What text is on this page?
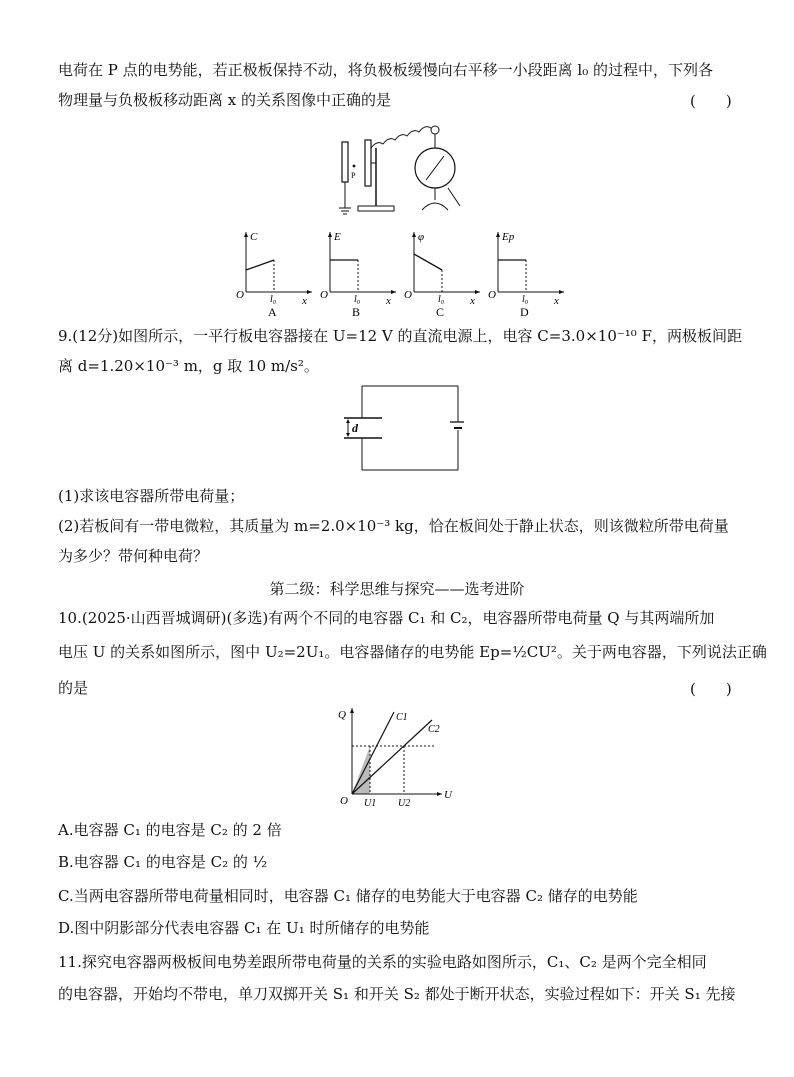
电荷在 P 点的电势能，若正极板保持不动，将负极板缓慢向右平移一小段距离 l₀ 的过程中，下列各
物理量与负极板移动距离 x 的关系图像中正确的是	(　　)
P
C
O	l₀ x
A
E
O	l₀ x
B
φ
O	l₀ x
C
Ep
O	l₀ x
D
9.(12分)如图所示，一平行板电容器接在 U=12 V 的直流电源上，电容 C=3.0×10⁻¹⁰ F，两极板间距
离 d=1.20×10⁻³ m，g 取 10 m/s²。
d
(1)求该电容器所带电荷量；
(2)若板间有一带电微粒，其质量为 m=2.0×10⁻³ kg，恰在板间处于静止状态，则该微粒所带电荷量
为多少？带何种电荷？
第二级：科学思维与探究——选考进阶
10.(2025·山西晋城调研)(多选)有两个不同的电容器 C₁ 和 C₂，电容器所带电荷量 Q 与其两端所加
电压 U 的关系如图所示，图中 U₂=2U₁。电容器储存的电势能 Ep=½CU²。关于两电容器，下列说法正确
的是	(　　)
Q
U
O
C1
C2
U1 U2
A.电容器 C₁ 的电容是 C₂ 的 2 倍
B.电容器 C₁ 的电容是 C₂ 的 ½
C.当两电容器所带电荷量相同时，电容器 C₁ 储存的电势能大于电容器 C₂ 储存的电势能
D.图中阴影部分代表电容器 C₁ 在 U₁ 时所储存的电势能
11.探究电容器两极板间电势差跟所带电荷量的关系的实验电路如图所示，C₁、C₂ 是两个完全相同
的电容器，开始均不带电，单刀双掷开关 S₁ 和开关 S₂ 都处于断开状态，实验过程如下：开关 S₁ 先接
